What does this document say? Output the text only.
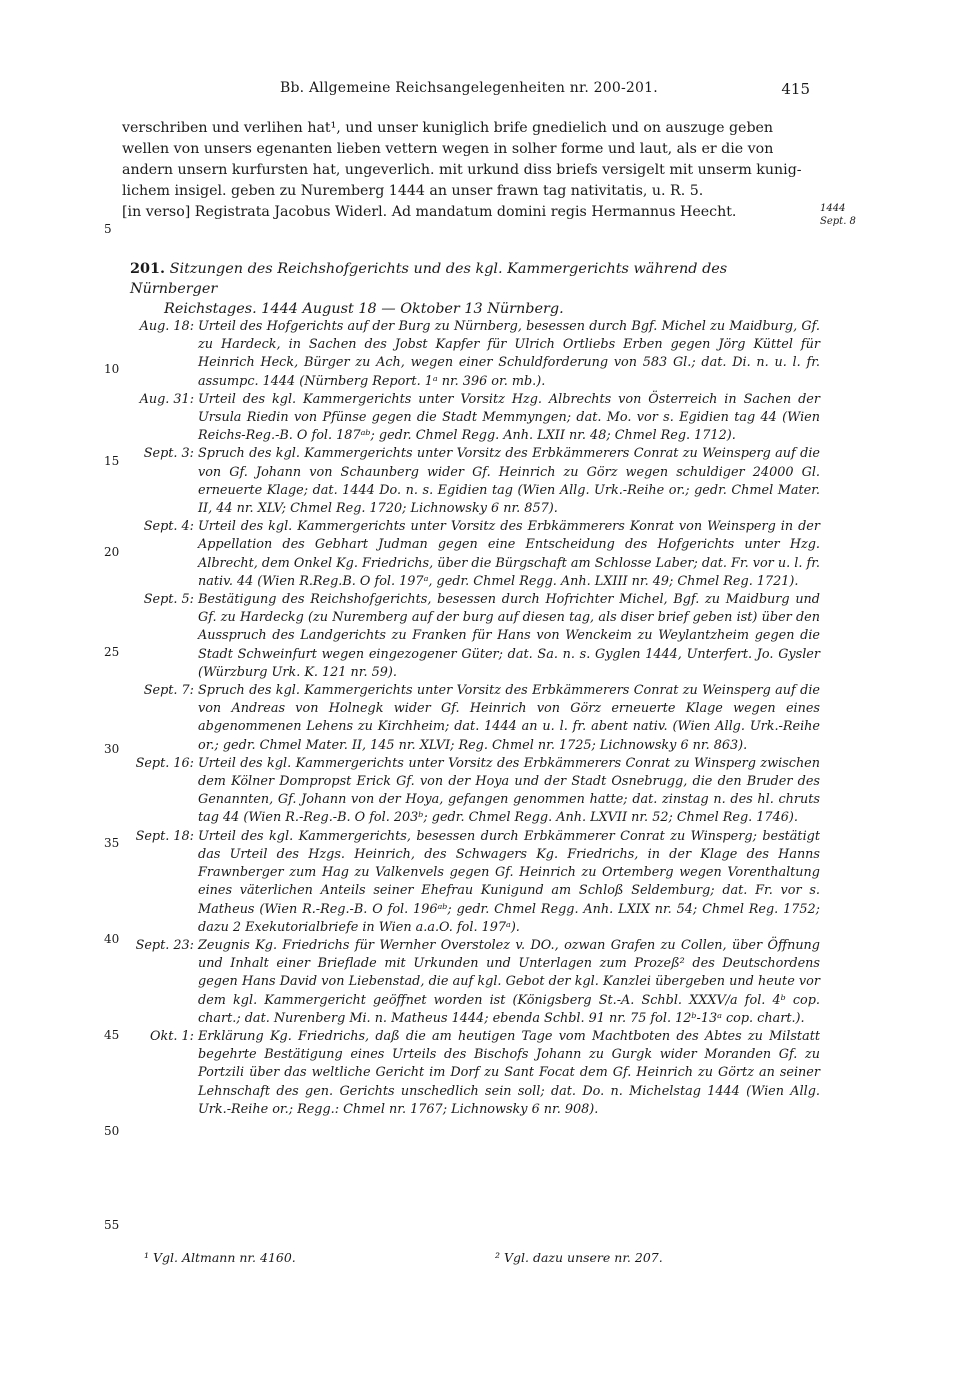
Bb. Allgemeine Reichsangelegenheiten nr. 200-201.	415
verschriben und verlihen hat¹, und unser kuniglich brife gnedielich und on auszuge geben
wellen von unsers egenanten lieben vettern wegen in solher forme und laut, als er die von
andern unsern kurfursten hat, ungeverlich. mit urkund diss briefs versigelt mit unserm kunig-
lichem insigel. geben zu Nuremberg 1444 an unser frawn tag nativitatis, u. R. 5.
[in verso] Registrata Jacobus Widerl. Ad mandatum domini regis Hermannus Heecht.	1444 Sept. 8
5
10
15
20
25
30
35
40
45
50
55
201. Sitzungen des Reichshofgerichts und des kgl. Kammergerichts während des Nürnberger
Reichstages. 1444 August 18 — Oktober 13 Nürnberg.
Aug. 18: Urteil des Hofgerichts auf der Burg zu Nürnberg, besessen durch Bgf. Michel zu Maidburg, Gf. zu Hardeck, in Sachen des Jobst Kapfer für Ulrich Ortliebs Erben gegen Jörg Küttel für Heinrich Heck, Bürger zu Ach, wegen einer Schuldforderung von 583 Gl.; dat. Di. n. u. l. fr. assumpc. 1444 (Nürnberg Report. 1ᵃ nr. 396 or. mb.).
Aug. 31: Urteil des kgl. Kammergerichts unter Vorsitz Hzg. Albrechts von Österreich in Sachen der Ursula Riedin von Pfünse gegen die Stadt Memmyngen; dat. Mo. vor s. Egidien tag 44 (Wien Reichs-Reg.-B. O fol. 187ᵃᵇ; gedr. Chmel Regg. Anh. LXII nr. 48; Chmel Reg. 1712).
Sept. 3: Spruch des kgl. Kammergerichts unter Vorsitz des Erbkämmerers Conrat zu Weinsperg auf die von Gf. Johann von Schaunberg wider Gf. Heinrich zu Görz wegen schuldiger 24000 Gl. erneuerte Klage; dat. 1444 Do. n. s. Egidien tag (Wien Allg. Urk.-Reihe or.; gedr. Chmel Mater. II, 44 nr. XLV; Chmel Reg. 1720; Lichnowsky 6 nr. 857).
Sept. 4: Urteil des kgl. Kammergerichts unter Vorsitz des Erbkämmerers Konrat von Weinsperg in der Appellation des Gebhart Judman gegen eine Entscheidung des Hofgerichts unter Hzg. Albrecht, dem Onkel Kg. Friedrichs, über die Bürgschaft am Schlosse Laber; dat. Fr. vor u. l. fr. nativ. 44 (Wien R.Reg.B. O fol. 197ᵃ, gedr. Chmel Regg. Anh. LXIII nr. 49; Chmel Reg. 1721).
Sept. 5: Bestätigung des Reichshofgerichts, besessen durch Hofrichter Michel, Bgf. zu Maidburg und Gf. zu Hardeckg (zu Nuremberg auf der burg auf diesen tag, als diser brief geben ist) über den Ausspruch des Landgerichts zu Franken für Hans von Wenckeim zu Weylantzheim gegen die Stadt Schweinfurt wegen eingezogener Güter; dat. Sa. n. s. Gyglen 1444, Unterfert. Jo. Gysler (Würzburg Urk. K. 121 nr. 59).
Sept. 7: Spruch des kgl. Kammergerichts unter Vorsitz des Erbkämmerers Conrat zu Weinsperg auf die von Andreas von Holnegk wider Gf. Heinrich von Görz erneuerte Klage wegen eines abgenommenen Lehens zu Kirchheim; dat. 1444 an u. l. fr. abent nativ. (Wien Allg. Urk.-Reihe or.; gedr. Chmel Mater. II, 145 nr. XLVI; Reg. Chmel nr. 1725; Lichnowsky 6 nr. 863).
Sept. 16: Urteil des kgl. Kammergerichts unter Vorsitz des Erbkämmerers Conrat zu Winsperg zwischen dem Kölner Dompropst Erick Gf. von der Hoya und der Stadt Osnebrugg, die den Bruder des Genannten, Gf. Johann von der Hoya, gefangen genommen hatte; dat. zinstag n. des hl. chruts tag 44 (Wien R.-Reg.-B. O fol. 203ᵇ; gedr. Chmel Regg. Anh. LXVII nr. 52; Chmel Reg. 1746).
Sept. 18: Urteil des kgl. Kammergerichts, besessen durch Erbkämmerer Conrat zu Winsperg; bestätigt das Urteil des Hzgs. Heinrich, des Schwagers Kg. Friedrichs, in der Klage des Hanns Frawnberger zum Hag zu Valkenvels gegen Gf. Heinrich zu Ortemberg wegen Vorenthaltung eines väterlichen Anteils seiner Ehefrau Kunigund am Schloß Seldemburg; dat. Fr. vor s. Matheus (Wien R.-Reg.-B. O fol. 196ᵃᵇ; gedr. Chmel Regg. Anh. LXIX nr. 54; Chmel Reg. 1752; dazu 2 Exekutorialbriefe in Wien a.a.O. fol. 197ᵃ).
Sept. 23: Zeugnis Kg. Friedrichs für Wernher Overstolez v. DO., ozwan Grafen zu Collen, über Öffnung und Inhalt einer Brieflade mit Urkunden und Unterlagen zum Prozeß² des Deutschordens gegen Hans David von Liebenstad, die auf kgl. Gebot der kgl. Kanzlei übergeben und heute vor dem kgl. Kammergericht geöffnet worden ist (Königsberg St.-A. Schbl. XXXV/a fol. 4ᵇ cop. chart.; dat. Nurenberg Mi. n. Matheus 1444; ebenda Schbl. 91 nr. 75 fol. 12ᵇ-13ᵃ cop. chart.).
Okt. 1: Erklärung Kg. Friedrichs, daß die am heutigen Tage vom Machtboten des Abtes zu Milstatt begehrte Bestätigung eines Urteils des Bischofs Johann zu Gurgk wider Moranden Gf. zu Portzili über das weltliche Gericht im Dorf zu Sant Focat dem Gf. Heinrich zu Görtz an seiner Lehnschaft des gen. Gerichts unschedlich sein soll; dat. Do. n. Michelstag 1444 (Wien Allg. Urk.-Reihe or.; Regg.: Chmel nr. 1767; Lichnowsky 6 nr. 908).
¹ Vgl. Altmann nr. 4160.	² Vgl. dazu unsere nr. 207.
